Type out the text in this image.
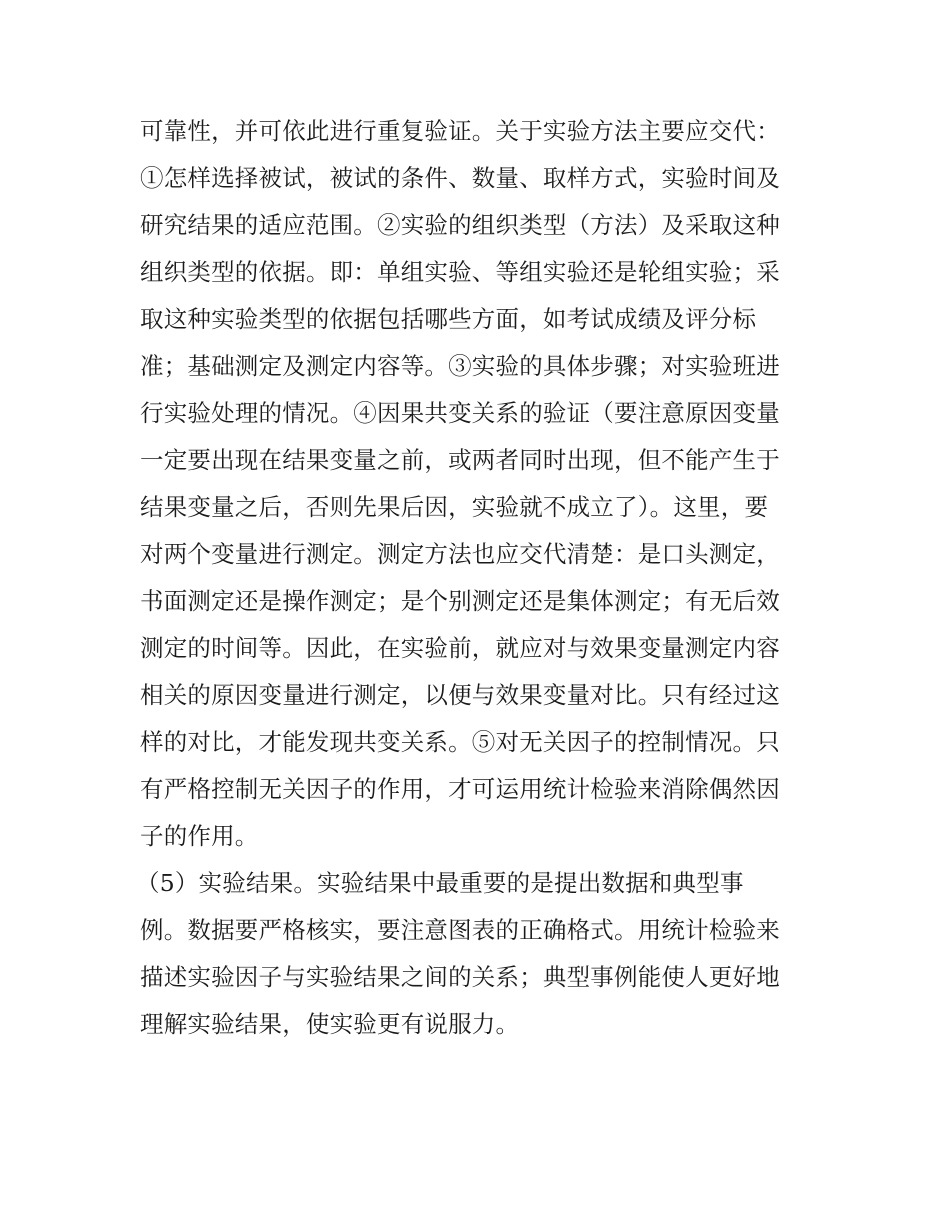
可靠性，并可依此进行重复验证。关于实验方法主要应交代：
①怎样选择被试，被试的条件、数量、取样方式，实验时间及
研究结果的适应范围。②实验的组织类型（方法）及采取这种
组织类型的依据。即：单组实验、等组实验还是轮组实验；采
取这种实验类型的依据包括哪些方面，如考试成绩及评分标
准；基础测定及测定内容等。③实验的具体步骤；对实验班进
行实验处理的情况。④因果共变关系的验证（要注意原因变量
一定要出现在结果变量之前，或两者同时出现，但不能产生于
结果变量之后，否则先果后因，实验就不成立了）。这里，要
对两个变量进行测定。测定方法也应交代清楚：是口头测定，
书面测定还是操作测定；是个别测定还是集体测定；有无后效
测定的时间等。因此，在实验前，就应对与效果变量测定内容
相关的原因变量进行测定，以便与效果变量对比。只有经过这
样的对比，才能发现共变关系。⑤对无关因子的控制情况。只
有严格控制无关因子的作用，才可运用统计检验来消除偶然因
子的作用。
（5）实验结果。实验结果中最重要的是提出数据和典型事
例。数据要严格核实，要注意图表的正确格式。用统计检验来
描述实验因子与实验结果之间的关系；典型事例能使人更好地
理解实验结果，使实验更有说服力。
